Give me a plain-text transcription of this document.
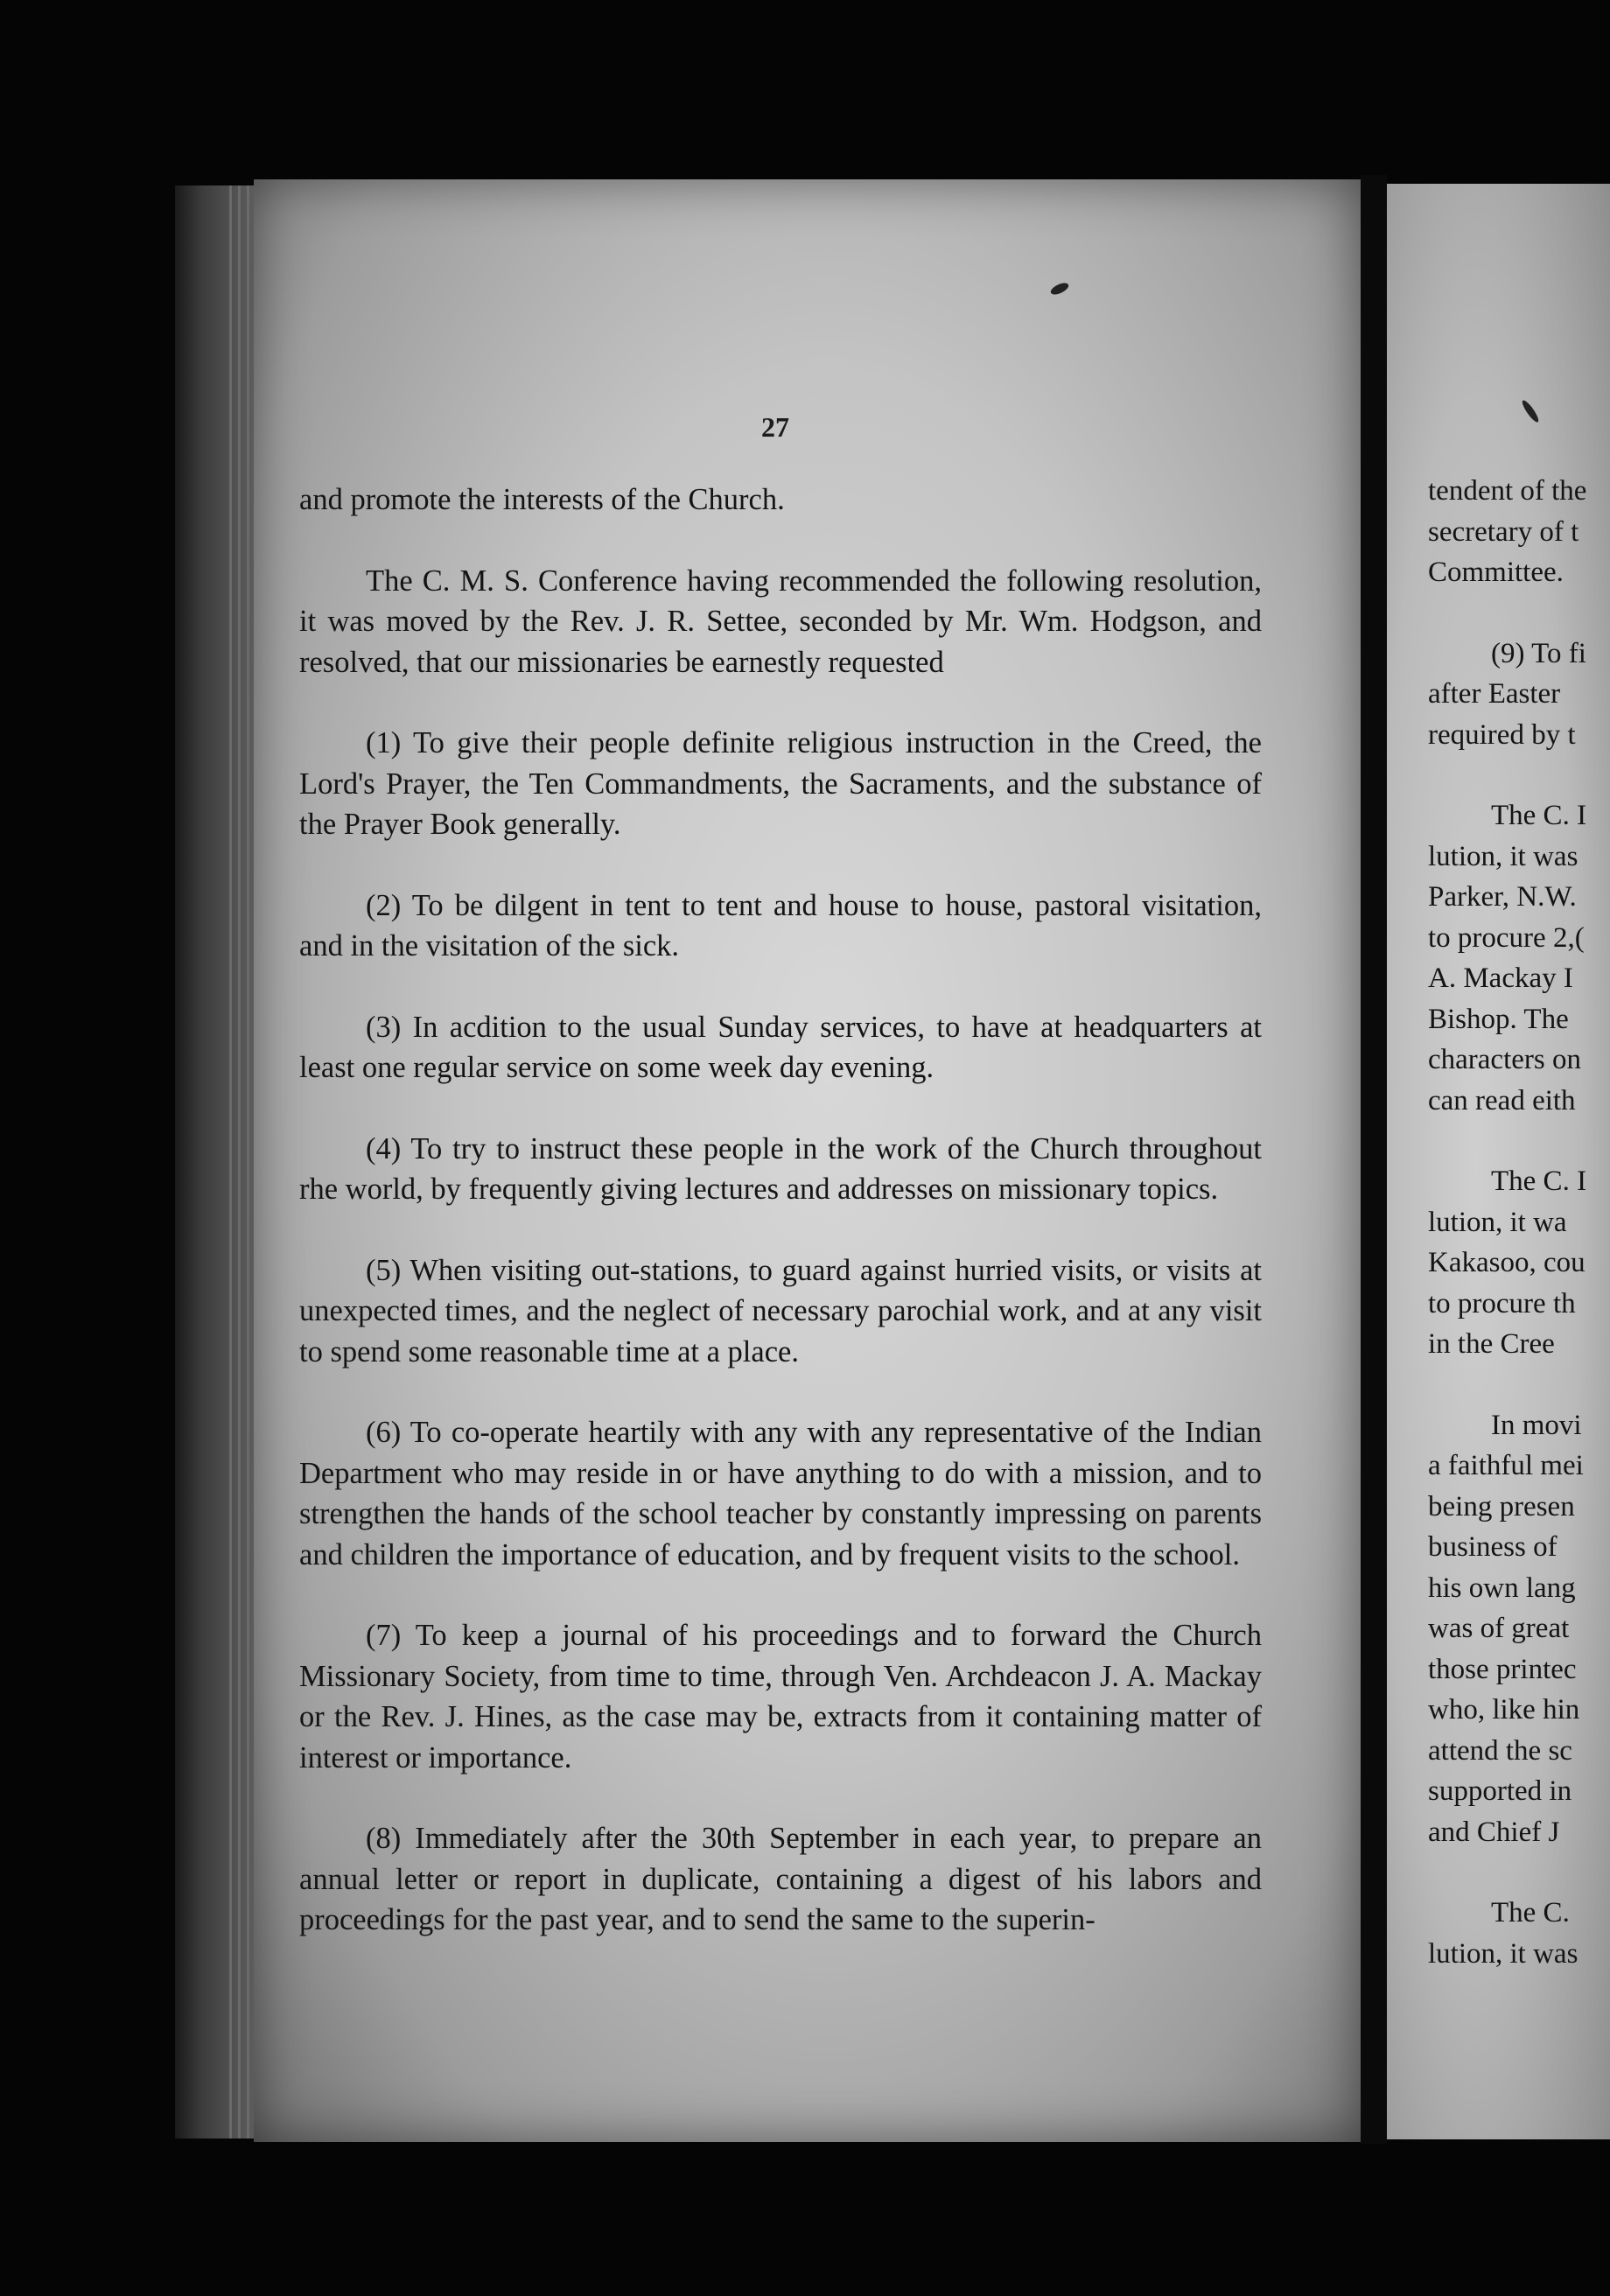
27

and promote the interests of the Church.

The C. M. S. Conference having recommended the following resolution, it was moved by the Rev. J. R. Settee, seconded by Mr. Wm. Hodgson, and resolved, that our missionaries be earnestly requested

(1) To give their people definite religious instruction in the Creed, the Lord's Prayer, the Ten Commandments, the Sacraments, and the substance of the Prayer Book generally.

(2) To be dilgent in tent to tent and house to house, pastoral visitation, and in the visitation of the sick.

(3) In acdition to the usual Sunday services, to have at headquarters at least one regular service on some week day evening.

(4) To try to instruct these people in the work of the Church throughout rhe world, by frequently giving lectures and addresses on missionary topics.

(5) When visiting out-stations, to guard against hurried visits, or visits at unexpected times, and the neglect of necessary parochial work, and at any visit to spend some reasonable time at a place.

(6) To co-operate heartily with any with any representative of the Indian Department who may reside in or have anything to do with a mission, and to strengthen the hands of the school teacher by constantly impressing on parents and children the importance of education, and by frequent visits to the school.

(7) To keep a journal of his proceedings and to forward the Church Missionary Society, from time to time, through Ven. Archdeacon J. A. Mackay or the Rev. J. Hines, as the case may be, extracts from it containing matter of interest or importance.

(8) Immediately after the 30th September in each year, to prepare an annual letter or report in duplicate, containing a digest of his labors and proceedings for the past year, and to send the same to the superin-

tendent of the
secretary of t
Committee.

(9) To fi
after Easter
required by t

The C. I
lution, it was
Parker, N.W.
to procure 2,(
A. Mackay I
Bishop. The
characters on
can read eith

The C. I
lution, it wa
Kakasoo, cou
to procure th
in the Cree

In movi
a faithful mei
being presen
business of
his own lang
was of great
those printec
who, like hin
attend the sc
supported in
and Chief J

The C.
lution, it was
